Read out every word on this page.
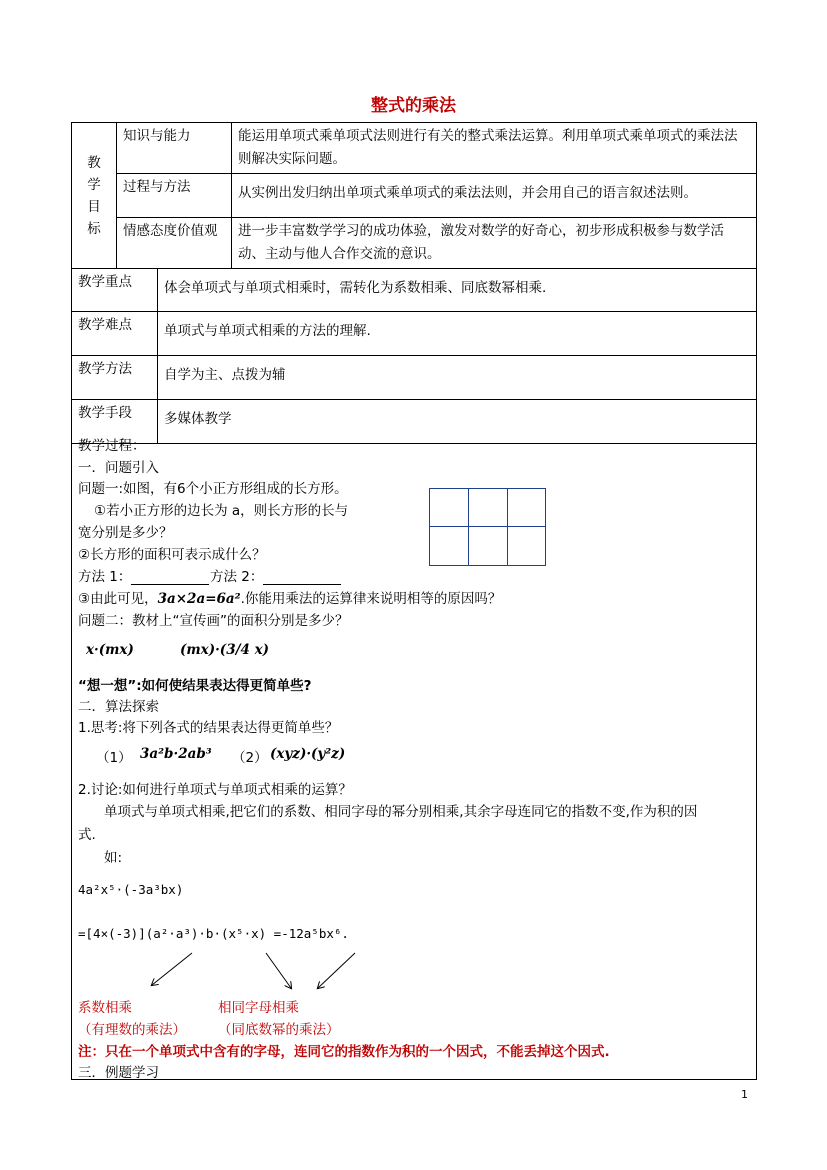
整式的乘法
教
学
目
标	知识与能力		能运用单项式乘单项式法则进行有关的整式乘法运算。利用单项式乘单项式的乘法法则解决实际问题。
	过程与方法		从实例出发归纳出单项式乘单项式的乘法法则，并会用自己的语言叙述法则。
	情感态度价值观		进一步丰富数学学习的成功体验，激发对数学的好奇心，初步形成积极参与数学活动、主动与他人合作交流的意识。
教学重点		体会单项式与单项式相乘时，需转化为系数相乘、同底数幂相乘.	
教学难点		单项式与单项式相乘的方法的理解.	
教学方法		自学为主、点拨为辅	
教学手段		多媒体教学	
教学过程：
一．问题引入
问题一:如图，有6个小正方形组成的长方形。
①若小正方形的边长为 a，则长方形的长与
宽分别是多少？
②长方形的面积可表示成什么？
方法 1：	方法 2：
③由此可见，3a×2a=6a².你能用乘法的运算律来说明相等的原因吗？
问题二：教材上“宣传画”的面积分别是多少？
x·(mx)	(mx)·(3/4 x)
“想一想”:如何使结果表达得更简单些?
二．算法探索
1.思考:将下列各式的结果表达得更简单些？
（1） 3a²b·2ab³ （2） (xyz)·(y²z)
2.讨论:如何进行单项式与单项式相乘的运算？
单项式与单项式相乘,把它们的系数、相同字母的幂分别相乘,其余字母连同它的指数不变,作为积的因
式.
如:
4a²x⁵·(-3a³bx)
=[4×(-3)](a²·a³)·b·(x⁵·x) =-12a⁵bx⁶.
系数相乘	相同字母相乘
（有理数的乘法） （同底数幂的乘法）
注：只在一个单项式中含有的字母，连同它的指数作为积的一个因式，不能丢掉这个因式.
三．例题学习
1
